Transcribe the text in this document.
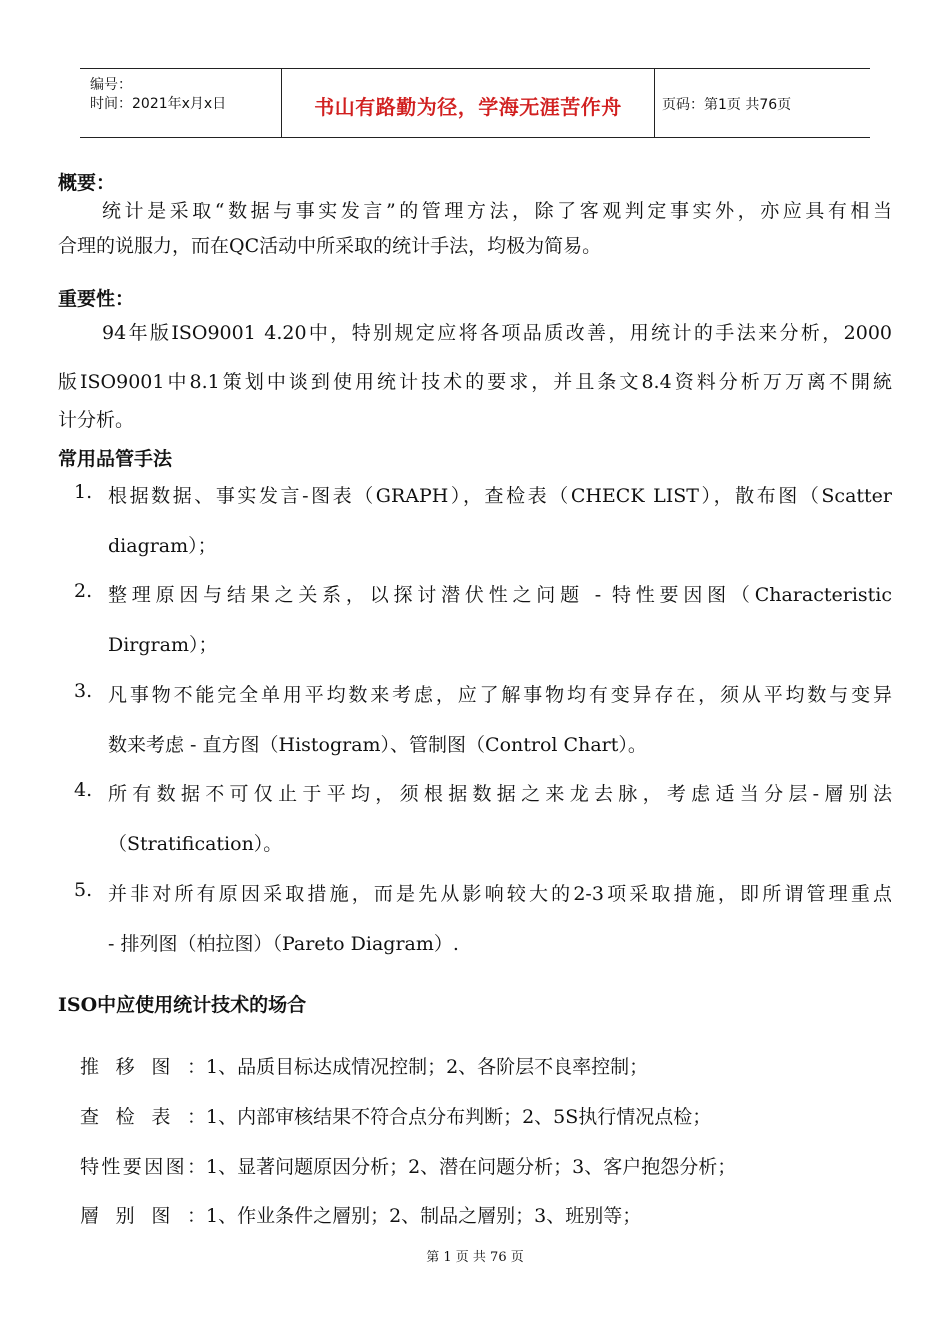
编号：
时间：2021年x月x日	书山有路勤为径，学海无涯苦作舟	页码：第1页 共76页
概要：
统计是采取“数据与事实发言”的管理方法，除了客观判定事实外，亦应具有相当
合理的说服力，而在QC活动中所采取的统计手法，均极为简易。
重要性：
94年版ISO9001 4.20中，特别规定应将各项品质改善，用统计的手法来分析，2000
版ISO9001中8.1策划中谈到使用统计技术的要求，并且条文8.4资料分析万万离不開統
计分析。
常用品管手法
1. 根据数据、事实发言-图表（GRAPH），查检表（CHECK LIST），散布图（Scatter
diagram）；
2. 整理原因与结果之关系，以探讨潜伏性之问题 - 特性要因图（Characteristic
Dirgram）；
3. 凡事物不能完全单用平均数来考虑，应了解事物均有变异存在，须从平均数与变异
数来考虑 - 直方图（Histogram）、管制图（Control Chart）。
4. 所有数据不可仅止于平均，须根据数据之来龙去脉，考虑适当分层-層别法
（Stratification）。
5. 并非对所有原因采取措施，而是先从影响较大的2-3项采取措施，即所谓管理重点
- 排列图（柏拉图）（Pareto Diagram）.
ISO中应使用统计技术的场合
推移图：1、品质目标达成情况控制；2、各阶层不良率控制；
查检表：1、内部审核结果不符合点分布判断；2、5S执行情况点检；
特性要因图：1、显著问题原因分析；2、潜在问题分析；3、客户抱怨分析；
層别图：1、作业条件之層别；2、制品之層别；3、班别等；
第 1 页 共 76 页
